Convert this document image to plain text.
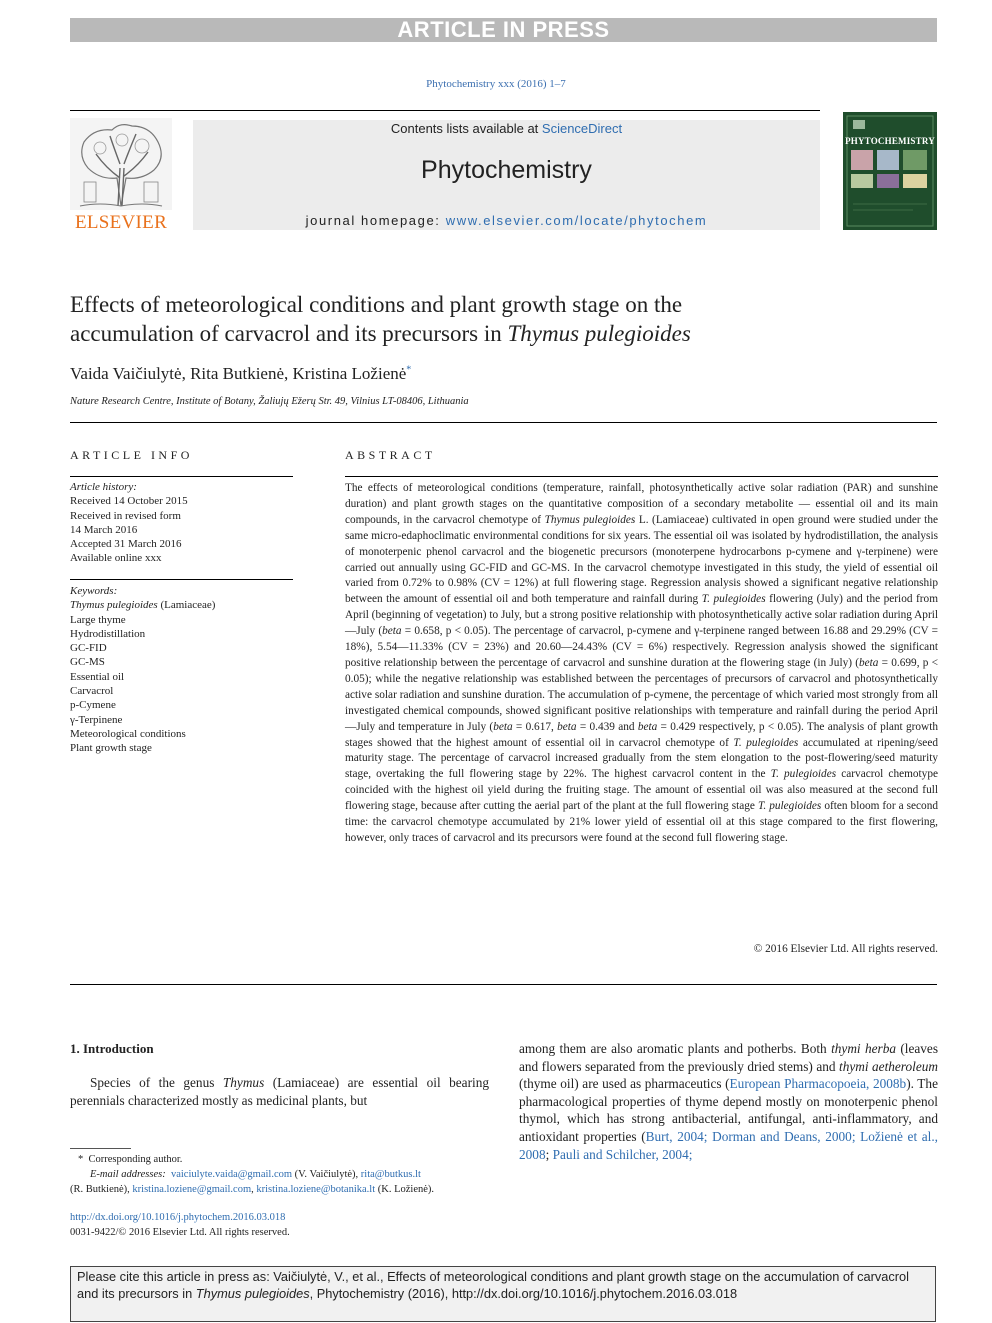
ARTICLE IN PRESS
Phytochemistry xxx (2016) 1–7
ELSEVIER
Contents lists available at ScienceDirect
Phytochemistry
journal homepage: www.elsevier.com/locate/phytochem
PHYTOCHEMISTRY
Effects of meteorological conditions and plant growth stage on the
accumulation of carvacrol and its precursors in Thymus pulegioides
Vaida Vaičiulytė, Rita Butkienė, Kristina Ložienė*
Nature Research Centre, Institute of Botany, Žaliujų Ežerų Str. 49, Vilnius LT-08406, Lithuania
ARTICLE INFO
Article history:
Received 14 October 2015
Received in revised form
14 March 2016
Accepted 31 March 2016
Available online xxx
Keywords:
Thymus pulegioides (Lamiaceae)
Large thyme
Hydrodistillation
GC-FID
GC-MS
Essential oil
Carvacrol
p-Cymene
γ-Terpinene
Meteorological conditions
Plant growth stage
ABSTRACT
The effects of meteorological conditions (temperature, rainfall, photosynthetically active solar radiation (PAR) and sunshine duration) and plant growth stages on the quantitative composition of a secondary metabolite — essential oil and its main compounds, in the carvacrol chemotype of Thymus pulegioides L. (Lamiaceae) cultivated in open ground were studied under the same micro-edaphoclimatic environmental conditions for six years. The essential oil was isolated by hydrodistillation, the analysis of monoterpenic phenol carvacrol and the biogenetic precursors (monoterpene hydrocarbons p-cymene and γ-terpinene) were carried out annually using GC-FID and GC-MS. In the carvacrol chemotype investigated in this study, the yield of essential oil varied from 0.72% to 0.98% (CV = 12%) at full flowering stage. Regression analysis showed a significant negative relationship between the amount of essential oil and both temperature and rainfall during T. pulegioides flowering (July) and the period from April (beginning of vegetation) to July, but a strong positive relationship with photosynthetically active solar radiation during April—July (beta = 0.658, p < 0.05). The percentage of carvacrol, p-cymene and γ-terpinene ranged between 16.88 and 29.29% (CV = 18%), 5.54—11.33% (CV = 23%) and 20.60—24.43% (CV = 6%) respectively. Regression analysis showed the significant positive relationship between the percentage of carvacrol and sunshine duration at the flowering stage (in July) (beta = 0.699, p < 0.05); while the negative relationship was established between the percentages of precursors of carvacrol and photosynthetically active solar radiation and sunshine duration. The accumulation of p-cymene, the percentage of which varied most strongly from all investigated chemical compounds, showed significant positive relationships with temperature and rainfall during the period April—July and temperature in July (beta = 0.617, beta = 0.439 and beta = 0.429 respectively, p < 0.05). The analysis of plant growth stages showed that the highest amount of essential oil in carvacrol chemotype of T. pulegioides accumulated at ripening/seed maturity stage. The percentage of carvacrol increased gradually from the stem elongation to the post-flowering/seed maturity stage, overtaking the full flowering stage by 22%. The highest carvacrol content in the T. pulegioides carvacrol chemotype coincided with the highest oil yield during the fruiting stage. The amount of essential oil was also measured at the second full flowering stage, because after cutting the aerial part of the plant at the full flowering stage T. pulegioides often bloom for a second time: the carvacrol chemotype accumulated by 21% lower yield of essential oil at this stage compared to the first flowering, however, only traces of carvacrol and its precursors were found at the second full flowering stage.
© 2016 Elsevier Ltd. All rights reserved.
1. Introduction
Species of the genus Thymus (Lamiaceae) are essential oil bearing perennials characterized mostly as medicinal plants, but
among them are also aromatic plants and potherbs. Both thymi herba (leaves and flowers separated from the previously dried stems) and thymi aetheroleum (thyme oil) are used as pharmaceutics (European Pharmacopoeia, 2008b). The pharmacological properties of thyme depend mostly on monoterpenic phenol thymol, which has strong antibacterial, antifungal, anti-inflammatory, and antioxidant properties (Burt, 2004; Dorman and Deans, 2000; Ložienė et al., 2008; Pauli and Schilcher, 2004;
*  Corresponding author.
E-mail addresses: vaiciulyte.vaida@gmail.com (V. Vaičiulytė), rita@butkus.lt
(R. Butkienė), kristina.loziene@gmail.com, kristina.loziene@botanika.lt (K. Ložienė).
http://dx.doi.org/10.1016/j.phytochem.2016.03.018
0031-9422/© 2016 Elsevier Ltd. All rights reserved.
Please cite this article in press as: Vaičiulytė, V., et al., Effects of meteorological conditions and plant growth stage on the accumulation of carvacrol and its precursors in Thymus pulegioides, Phytochemistry (2016), http://dx.doi.org/10.1016/j.phytochem.2016.03.018
